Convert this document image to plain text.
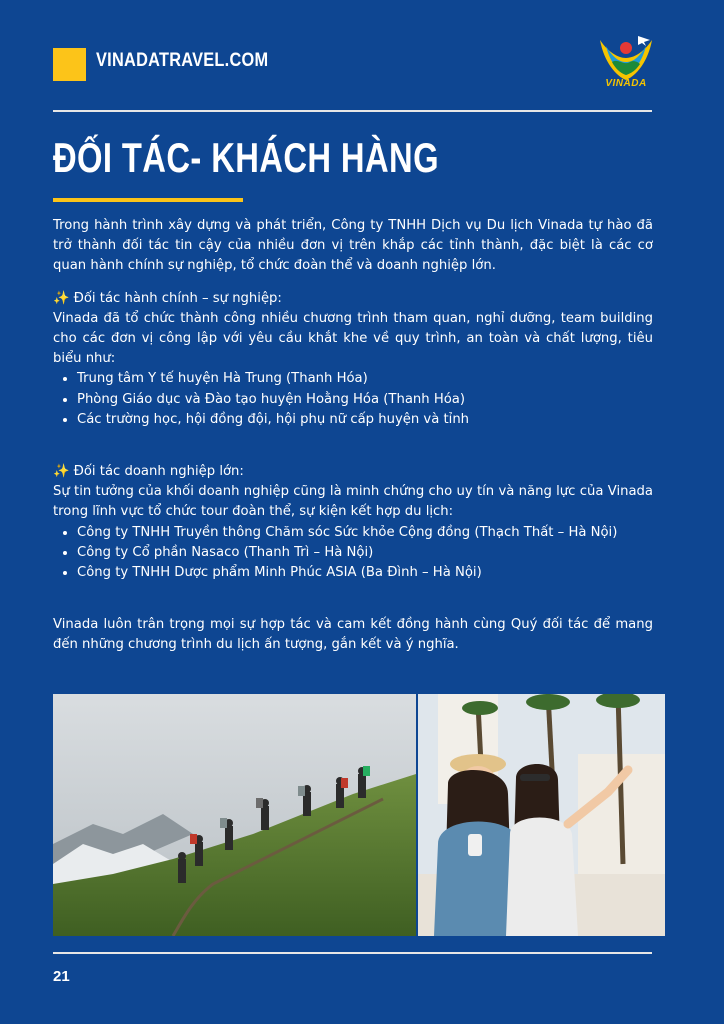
VINADATRAVEL.COM
VINADA
ĐỐI TÁC- KHÁCH HÀNG

Trong hành trình xây dựng và phát triển, Công ty TNHH Dịch vụ Du lịch Vinada tự hào đã trở thành đối tác tin cậy của nhiều đơn vị trên khắp các tỉnh thành, đặc biệt là các cơ quan hành chính sự nghiệp, tổ chức đoàn thể và doanh nghiệp lớn.

✨ Đối tác hành chính – sự nghiệp:

Vinada đã tổ chức thành công nhiều chương trình tham quan, nghỉ dưỡng, team building cho các đơn vị công lập với yêu cầu khắt khe về quy trình, an toàn và chất lượng, tiêu biểu như:

• Trung tâm Y tế huyện Hà Trung (Thanh Hóa)
• Phòng Giáo dục và Đào tạo huyện Hoằng Hóa (Thanh Hóa)
• Các trường học, hội đồng đội, hội phụ nữ cấp huyện và tỉnh
✨ Đối tác doanh nghiệp lớn:

Sự tin tưởng của khối doanh nghiệp cũng là minh chứng cho uy tín và năng lực của Vinada trong lĩnh vực tổ chức tour đoàn thể, sự kiện kết hợp du lịch:

• Công ty TNHH Truyền thông Chăm sóc Sức khỏe Cộng đồng (Thạch Thất – Hà Nội)
• Công ty Cổ phần Nasaco (Thanh Trì – Hà Nội)
• Công ty TNHH Dược phẩm Minh Phúc ASIA (Ba Đình – Hà Nội)

Vinada luôn trân trọng mọi sự hợp tác và cam kết đồng hành cùng Quý đối tác để mang đến những chương trình du lịch ấn tượng, gắn kết và ý nghĩa.

21
